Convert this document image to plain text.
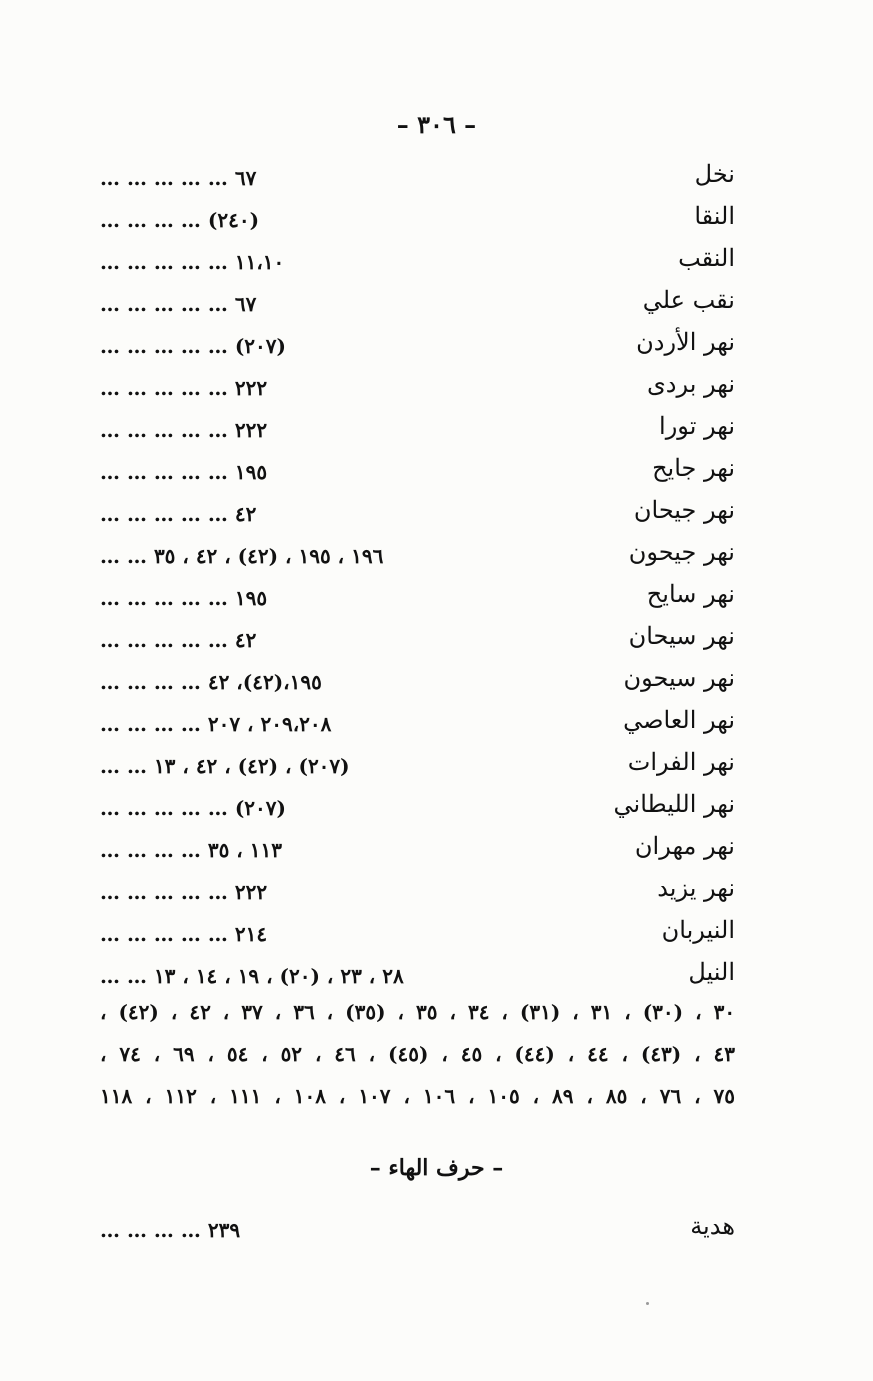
– ٣٠٦ –
نخل
٦٧ … … … … …
النقا
(٢٤٠) … … … …
النقب
١١،١٠ … … … … …
نقب علي
٦٧ … … … … …
نهر الأردن
(٢٠٧) … … … … …
نهر بردى
٢٢٢ … … … … …
نهر تورا
٢٢٢ … … … … …
نهر جايح
١٩٥ … … … … …
نهر جيحان
٤٢ … … … … …
نهر جيحون
١٩٦ ، ١٩٥ ، (٤٢) ، ٤٢ ، ٣٥ … …
نهر سايح
١٩٥ … … … … …
نهر سيحان
٤٢ … … … … …
نهر سيحون
١٩٥،(٤٢)، ٤٢ … … … …
نهر العاصي
٢٠٩،٢٠٨ ، ٢٠٧ … … … …
نهر الفرات
(٢٠٧) ، (٤٢) ، ٤٢ ، ١٣ … …
نهر الليطاني
(٢٠٧) … … … … …
نهر مهران
١١٣ ، ٣٥ … … … …
نهر يزيد
٢٢٢ … … … … …
النيربان
٢١٤ … … … … …
النيل
٢٨ ، ٢٣ ، (٢٠) ، ١٩ ، ١٤ ، ١٣ … …
٣٠ ، (٣٠) ، ٣١ ، (٣١) ، ٣٤ ، ٣٥ ، (٣٥) ، ٣٦ ، ٣٧ ، ٤٢ ، (٤٢) ،
٤٣ ، (٤٣) ، ٤٤ ، (٤٤) ، ٤٥ ، (٤٥) ، ٤٦ ، ٥٢ ، ٥٤ ، ٦٩ ، ٧٤ ،
٧٥ ، ٧٦ ، ٨٥ ، ٨٩ ، ١٠٥ ، ١٠٦ ، ١٠٧ ، ١٠٨ ، ١١١ ، ١١٢ ، ١١٨
– حرف الهاء –
هدية
٢٣٩ … … … …
